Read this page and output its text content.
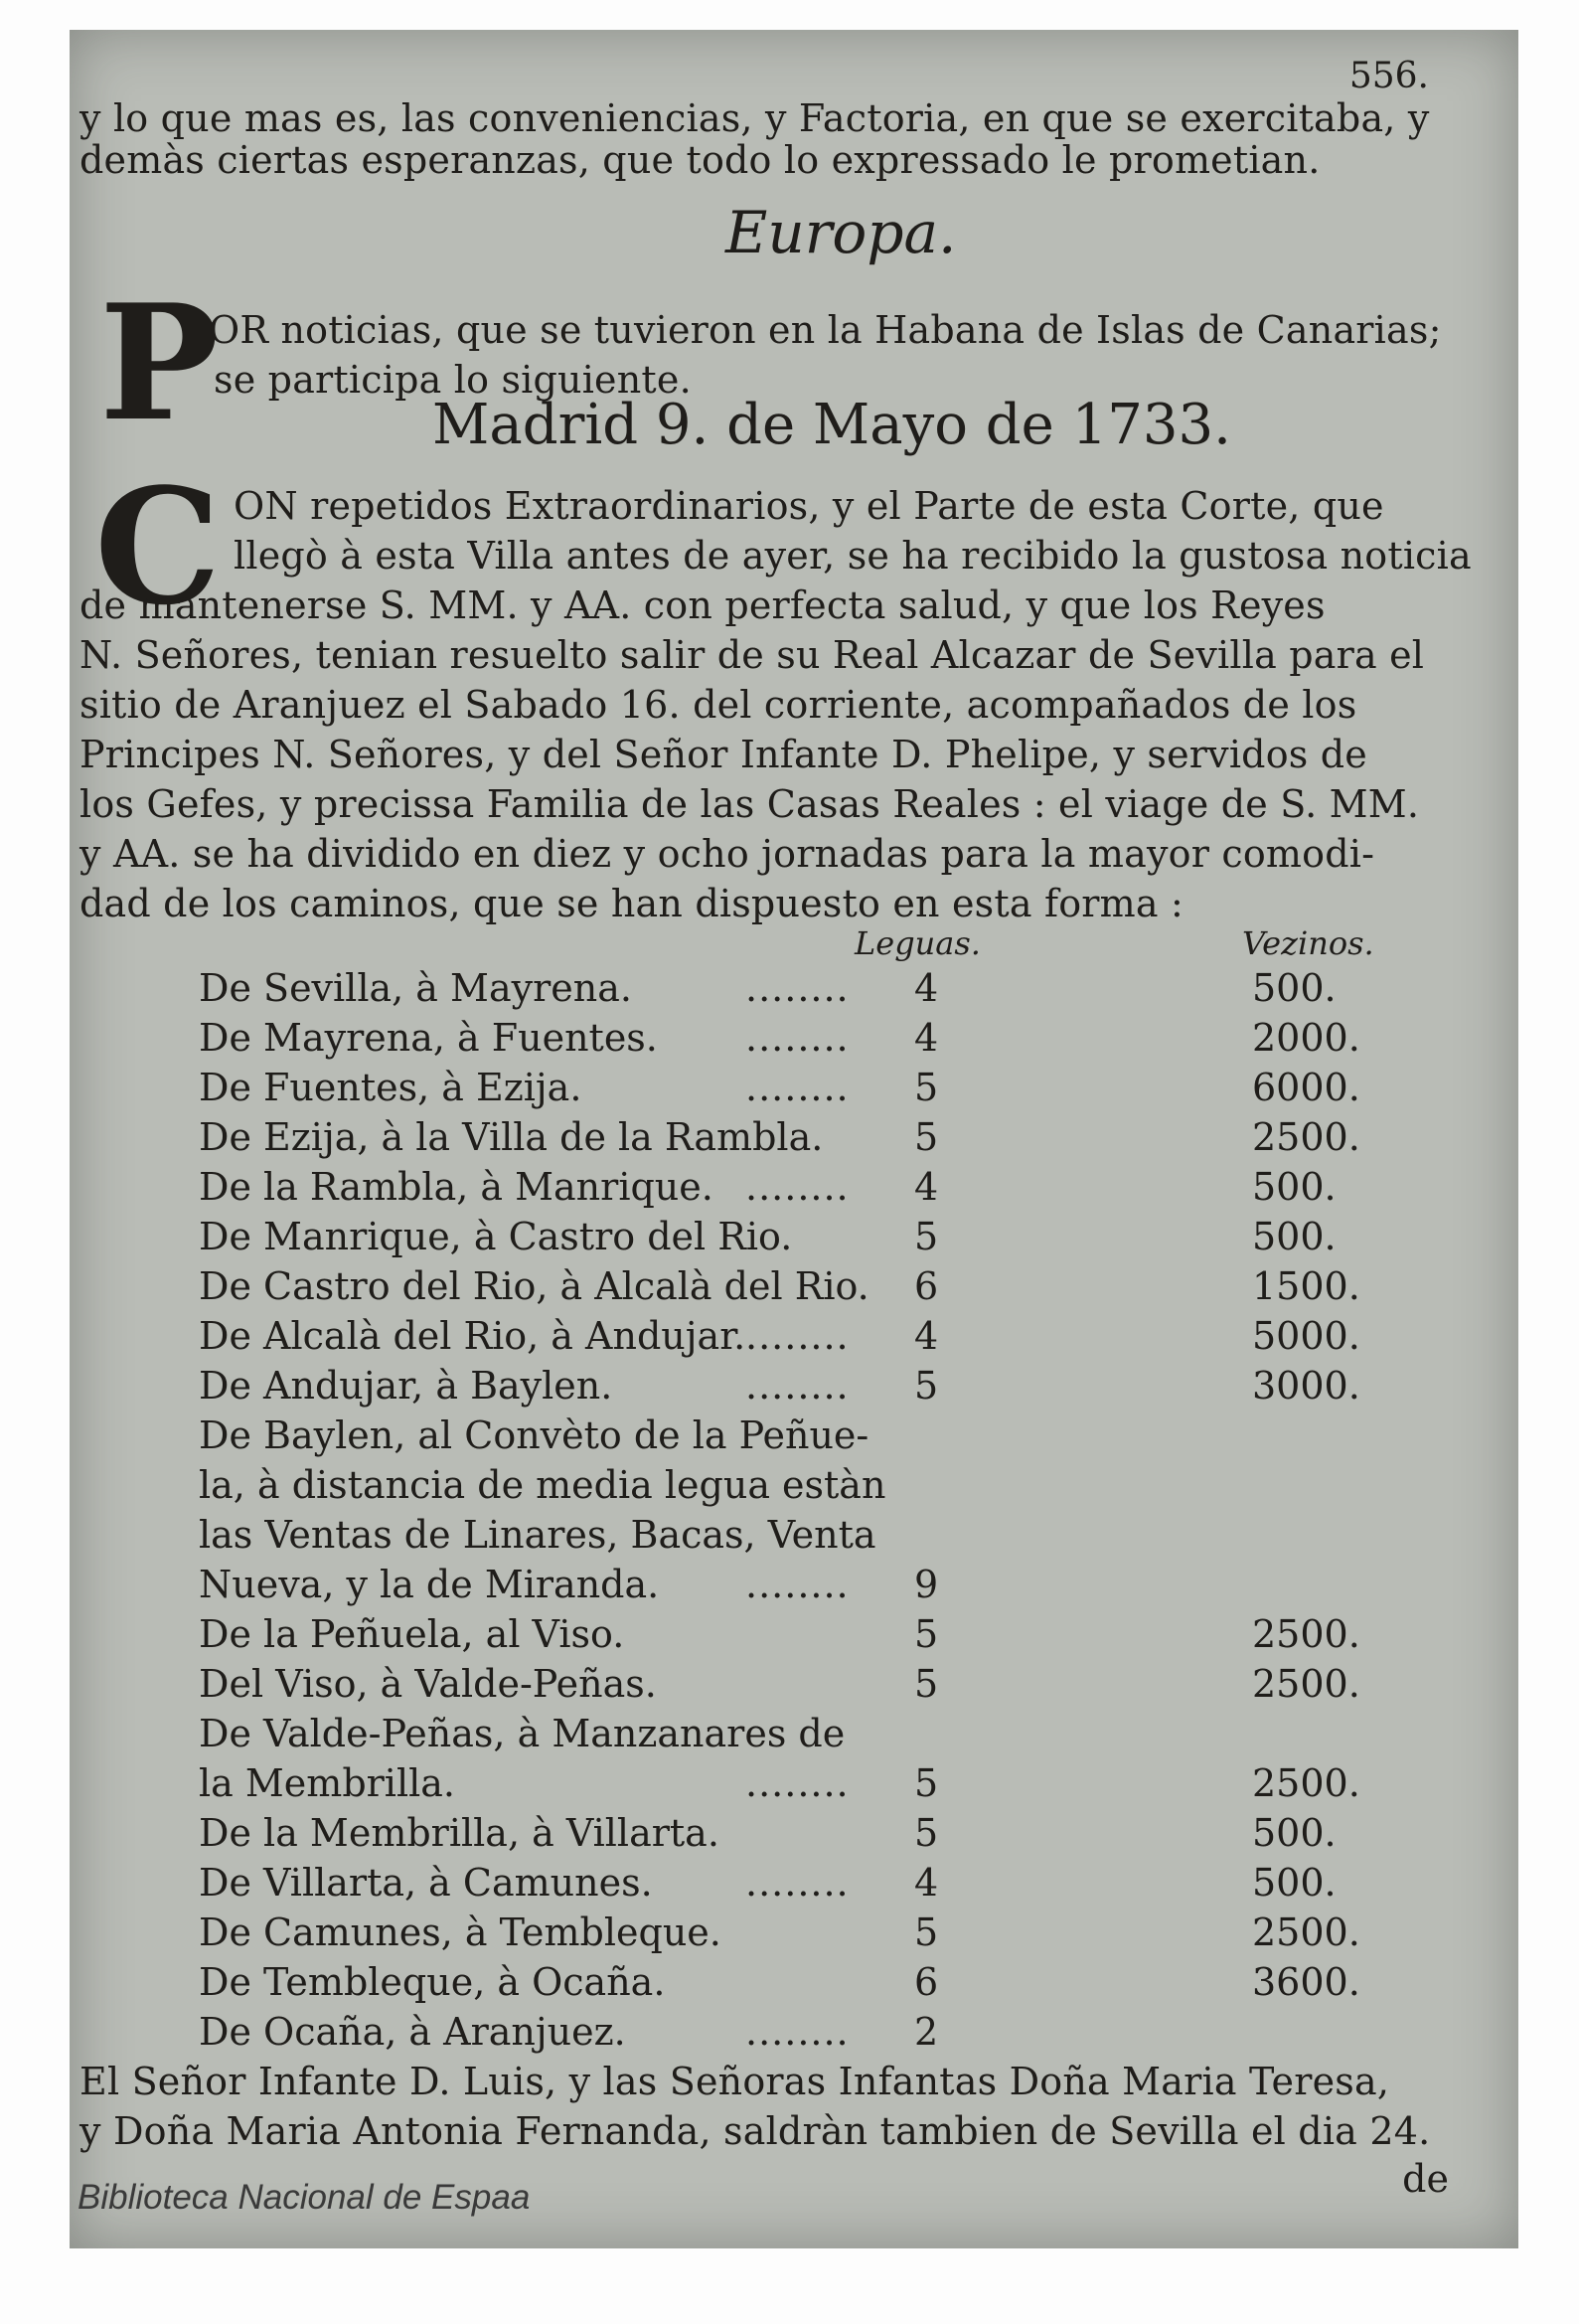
556.
y lo que mas es, las conveniencias, y Factoria, en que se exercitaba, y
demàs ciertas esperanzas, que todo lo expressado le prometian.
Europa.
P
OR noticias, que se tuvieron en la Habana de Islas de Canarias;
se participa lo siguiente.
Madrid 9. de Mayo de 1733.
C ON repetidos Extraordinarios, y el Parte de esta Corte, que
llegò à esta Villa antes de ayer, se ha recibido la gustosa noticia
de mantenerse S. MM. y AA. con perfecta salud, y que los Reyes
N. Señores, tenian resuelto salir de su Real Alcazar de Sevilla para el
sitio de Aranjuez el Sabado 16. del corriente, acompañados de los
Principes N. Señores, y del Señor Infante D. Phelipe, y servidos de
los Gefes, y precissa Familia de las Casas Reales : el viage de S. MM.
y AA. se ha dividido en diez y ocho jornadas para la mayor comodi-
dad de los caminos, que se han dispuesto en esta forma :
Leguas.	Vezinos.
De Sevilla, à Mayrena.	........ 4	500.
De Mayrena, à Fuentes. ........ 4	2000.
De Fuentes, à Ezija.	........ 5	6000.
De Ezija, à la Villa de la Rambla. 5	2500.
De la Rambla, à Manrique. ........ 4	500.
De Manrique, à Castro del Rio.	5	500.
De Castro del Rio, à Alcalà del Rio. 6	1500.
De Alcalà del Rio, à Andujar. ........ 4	5000.
De Andujar, à Baylen.	........ 5	3000.
De Baylen, al Convèto de la Peñue-
la, à distancia de media legua estàn
las Ventas de Linares, Bacas, Venta
Nueva, y la de Miranda. ........ 9
De la Peñuela, al Viso.	5	2500.
Del Viso, à Valde-Peñas.	5	2500.
De Valde-Peñas, à Manzanares de
la Membrilla.	........ 5	2500.
De la Membrilla, à Villarta.	5	500.
De Villarta, à Camunes. ........ 4	500.
De Camunes, à Tembleque.	5	2500.
De Tembleque, à Ocaña.	6	3600.
De Ocaña, à Aranjuez.	........ 2
El Señor Infante D. Luis, y las Señoras Infantas Doña Maria Teresa,
y Doña Maria Antonia Fernanda, saldràn tambien de Sevilla el dia 24.
de
Biblioteca Nacional de Espaa
